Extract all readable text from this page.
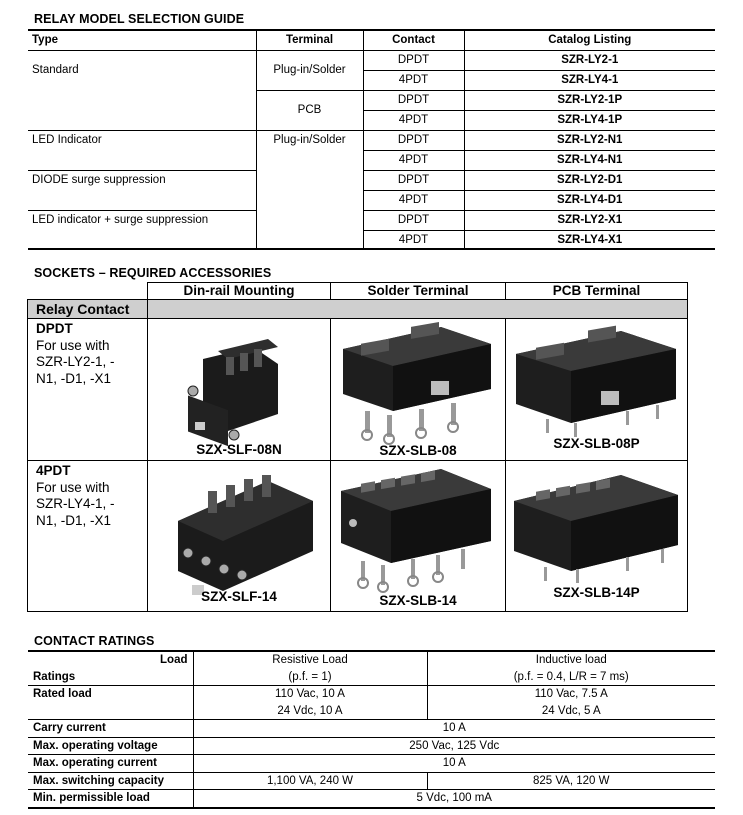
RELAY MODEL SELECTION GUIDE
Type	Terminal	Contact	Catalog Listing
Standard	Plug-in/Solder	DPDT	SZR-LY2-1
		4PDT	SZR-LY4-1
	PCB	DPDT	SZR-LY2-1P
		4PDT	SZR-LY4-1P
LED Indicator	Plug-in/Solder	DPDT	SZR-LY2-N1
		4PDT	SZR-LY4-N1
DIODE surge suppression		DPDT	SZR-LY2-D1
		4PDT	SZR-LY4-D1
LED indicator + surge suppression		DPDT	SZR-LY2-X1
		4PDT	SZR-LY4-X1
SOCKETS – REQUIRED ACCESSORIES
	Din-rail Mounting	Solder Terminal	PCB Terminal
Relay Contact			
DPDT
For use with
SZR-LY2-1, -
N1, -D1, -X1	SZX-SLF-08N	SZX-SLB-08	SZX-SLB-08P

4PDT
For use with
SZR-LY4-1, -
N1, -D1, -X1	SZX-SLF-14	SZX-SLB-14	SZX-SLB-14P
CONTACT RATINGS
Load	Resistive Load	Inductive load
Ratings	(p.f. = 1)	(p.f. = 0.4, L/R = 7 ms)
Rated load	110 Vac, 10 A	110 Vac, 7.5 A
	24 Vdc, 10 A	24 Vdc, 5 A
Carry current	10 A	
Max. operating voltage	250 Vac, 125 Vdc	
Max. operating current	10 A	
Max. switching capacity	1,100 VA, 240 W	825 VA, 120 W
Min. permissible load	5 Vdc, 100 mA	
